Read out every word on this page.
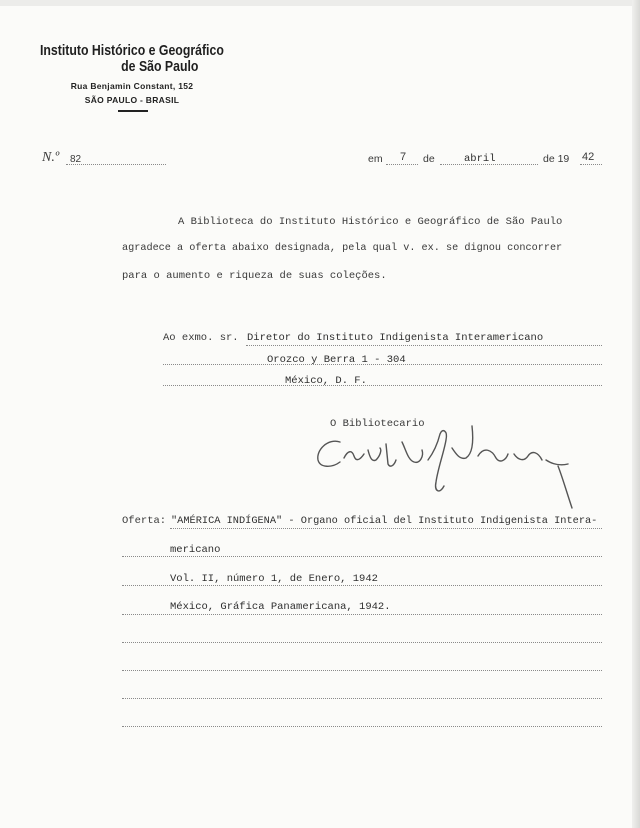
Instituto Histórico e Geográfico
de São Paulo
Rua Benjamin Constant, 152
SÃO PAULO - BRASIL
N.º 82	em 7 de	abril	de 19 42
A Biblioteca do Instituto Histórico e Geográfico de São Paulo
agradece a oferta abaixo designada, pela qual v. ex. se dignou concorrer
para o aumento e riqueza de suas coleções.
Ao exmo. sr. Diretor do Instituto Indigenista Interamericano
Orozco y Berra 1 - 304
México, D. F.
O Bibliotecario
Oferta: "AMÉRICA INDÍGENA" - Organo oficial del Instituto Indigenista Intera-
mericano
Vol. II, número 1, de Enero, 1942
México, Gráfica Panamericana, 1942.
